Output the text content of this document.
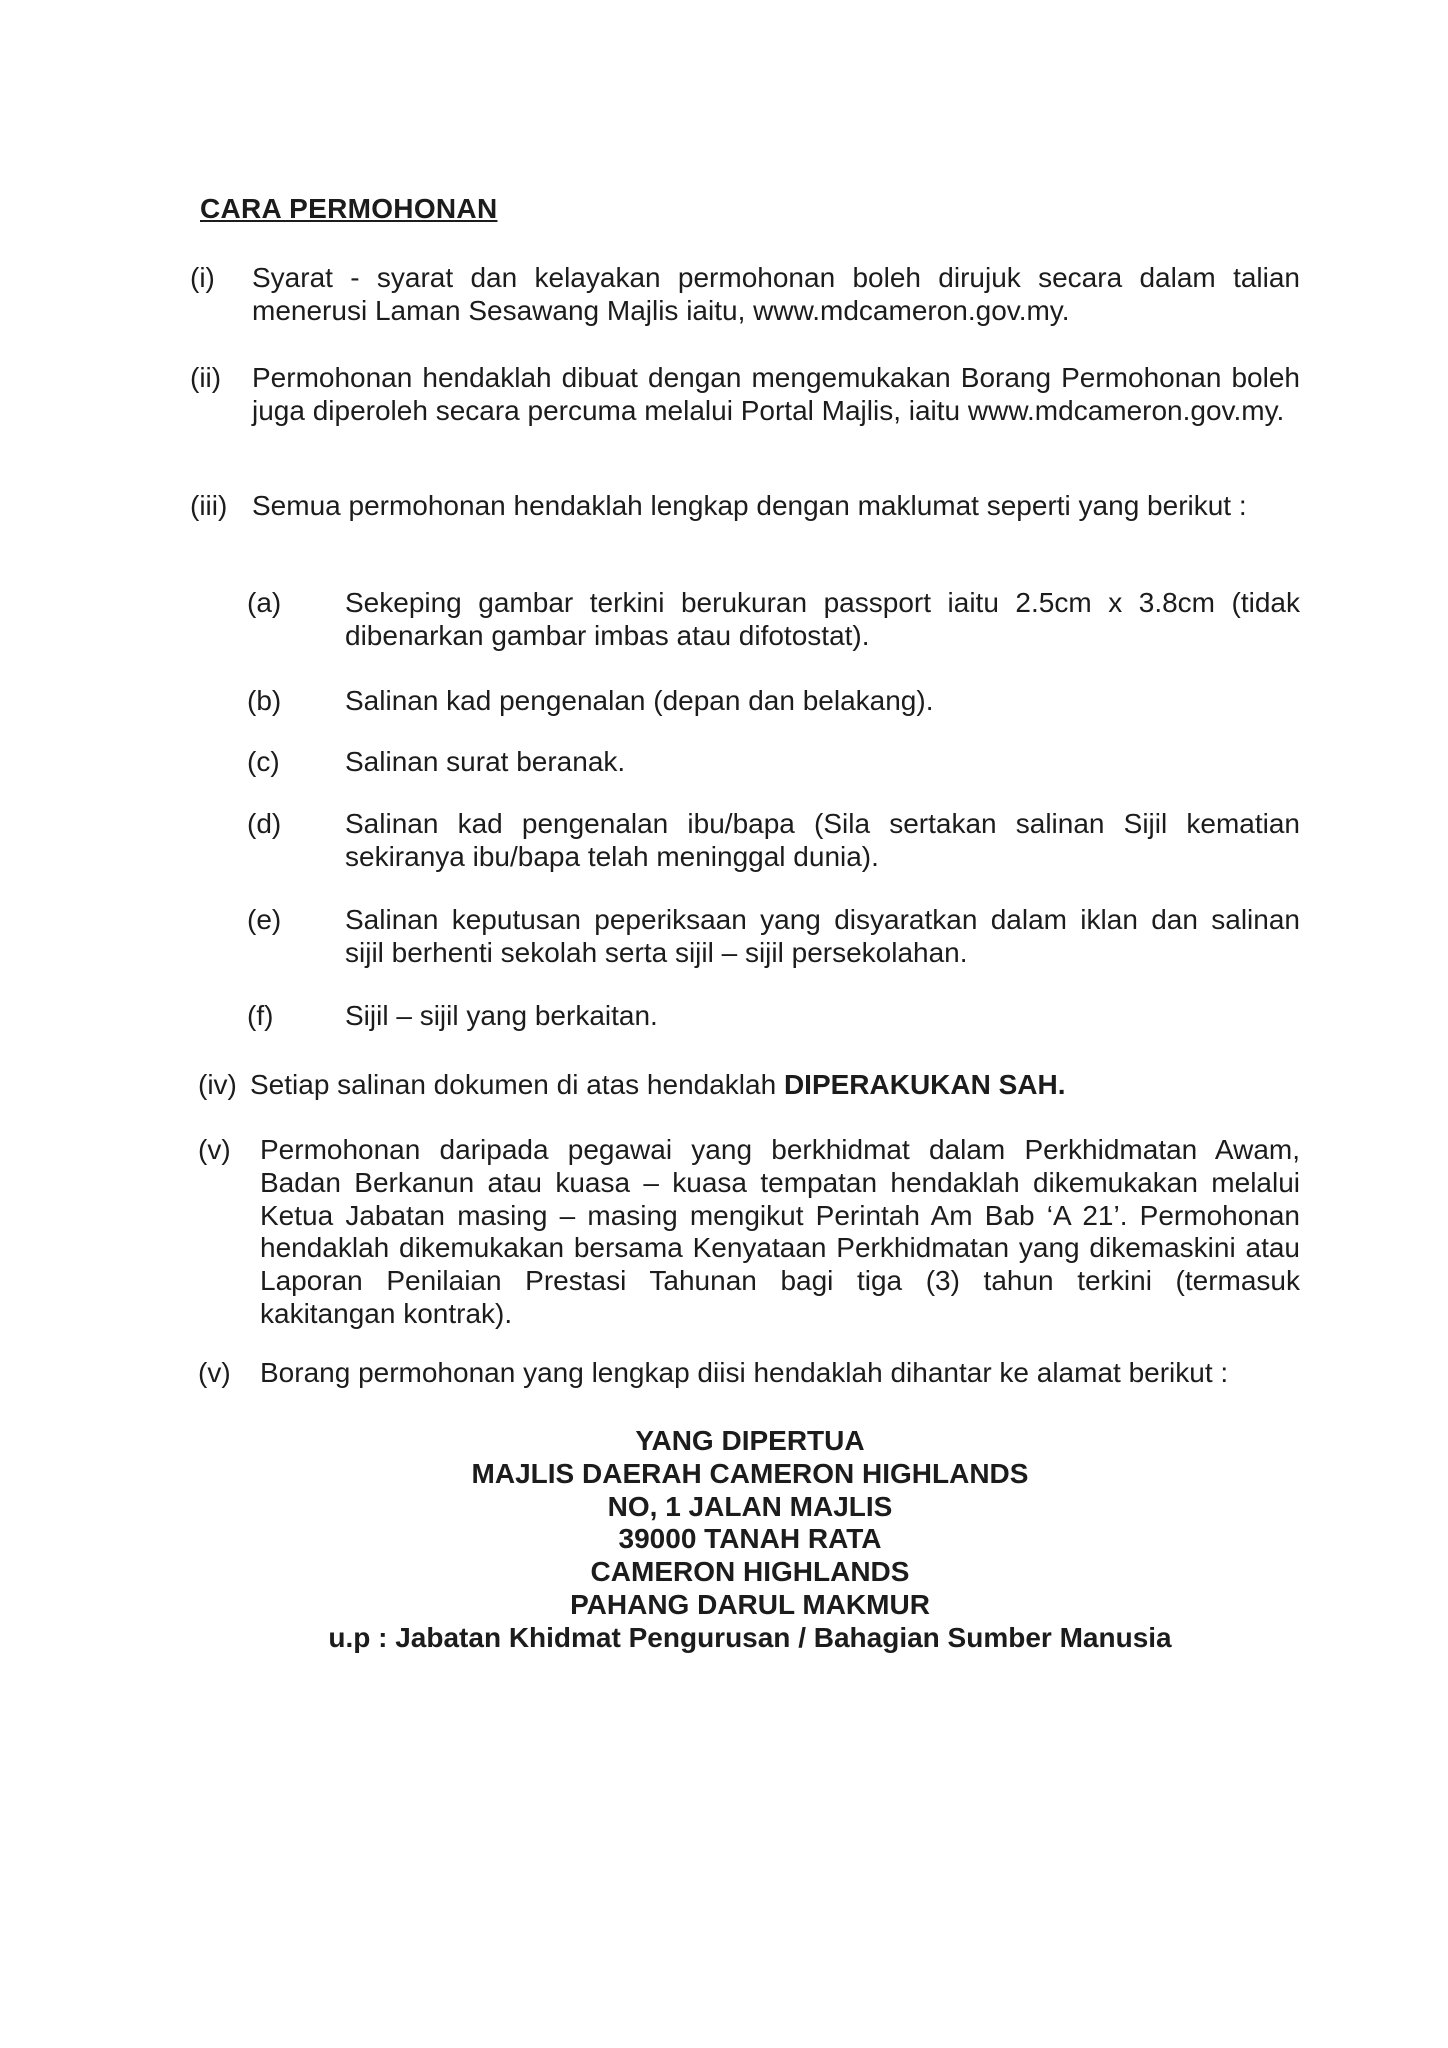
CARA PERMOHONAN
(i) Syarat - syarat dan kelayakan permohonan boleh dirujuk secara dalam talian menerusi Laman Sesawang Majlis iaitu, www.mdcameron.gov.my.
(ii) Permohonan hendaklah dibuat dengan mengemukakan Borang Permohonan boleh juga diperoleh secara percuma melalui Portal Majlis, iaitu www.mdcameron.gov.my.
(iii) Semua permohonan hendaklah lengkap dengan maklumat seperti yang berikut :
(a) Sekeping gambar terkini berukuran passport iaitu 2.5cm x 3.8cm (tidak dibenarkan gambar imbas atau difotostat).
(b) Salinan kad pengenalan (depan dan belakang).
(c) Salinan surat beranak.
(d) Salinan kad pengenalan ibu/bapa (Sila sertakan salinan Sijil kematian sekiranya ibu/bapa telah meninggal dunia).
(e) Salinan keputusan peperiksaan yang disyaratkan dalam iklan dan salinan sijil berhenti sekolah serta sijil – sijil persekolahan.
(f)	Sijil – sijil yang berkaitan.
(iv) Setiap salinan dokumen di atas hendaklah DIPERAKUKAN SAH.
(v) Permohonan daripada pegawai yang berkhidmat dalam Perkhidmatan Awam, Badan Berkanun atau kuasa – kuasa tempatan hendaklah dikemukakan melalui Ketua Jabatan masing – masing mengikut Perintah Am Bab ‘A 21’. Permohonan hendaklah dikemukakan bersama Kenyataan Perkhidmatan yang dikemaskini atau Laporan Penilaian Prestasi Tahunan bagi tiga (3) tahun terkini (termasuk kakitangan kontrak).
(v) Borang permohonan yang lengkap diisi hendaklah dihantar ke alamat berikut :
YANG DIPERTUA
MAJLIS DAERAH CAMERON HIGHLANDS
NO, 1 JALAN MAJLIS
39000 TANAH RATA
CAMERON HIGHLANDS
PAHANG DARUL MAKMUR
u.p : Jabatan Khidmat Pengurusan / Bahagian Sumber Manusia
